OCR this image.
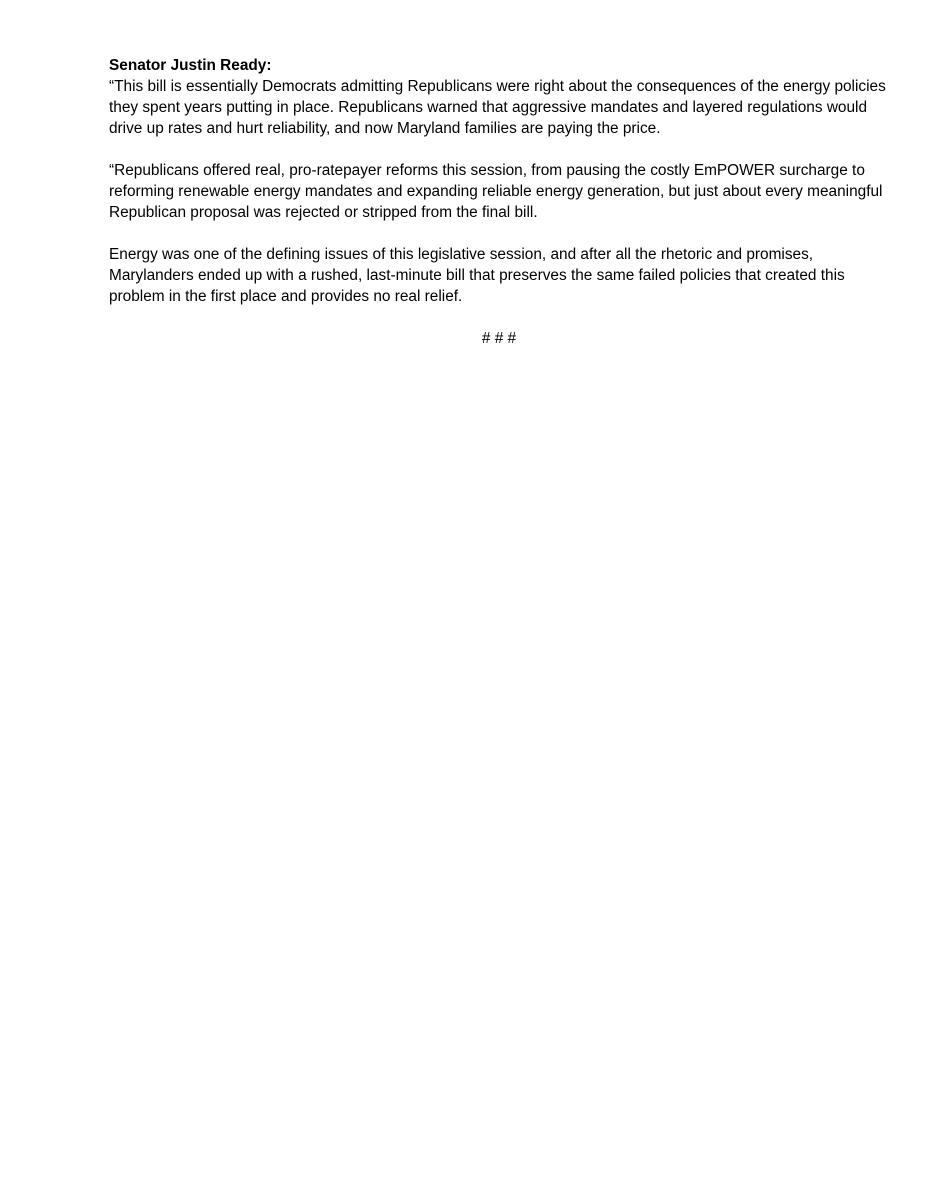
Senator Justin Ready:

“This bill is essentially Democrats admitting Republicans were right about the consequences of the energy policies they spent years putting in place. Republicans warned that aggressive mandates and layered regulations would drive up rates and hurt reliability, and now Maryland families are paying the price.

“Republicans offered real, pro-ratepayer reforms this session, from pausing the costly EmPOWER surcharge to reforming renewable energy mandates and expanding reliable energy generation, but just about every meaningful Republican proposal was rejected or stripped from the final bill.

Energy was one of the defining issues of this legislative session, and after all the rhetoric and promises, Marylanders ended up with a rushed, last-minute bill that preserves the same failed policies that created this problem in the first place and provides no real relief.

# # #
